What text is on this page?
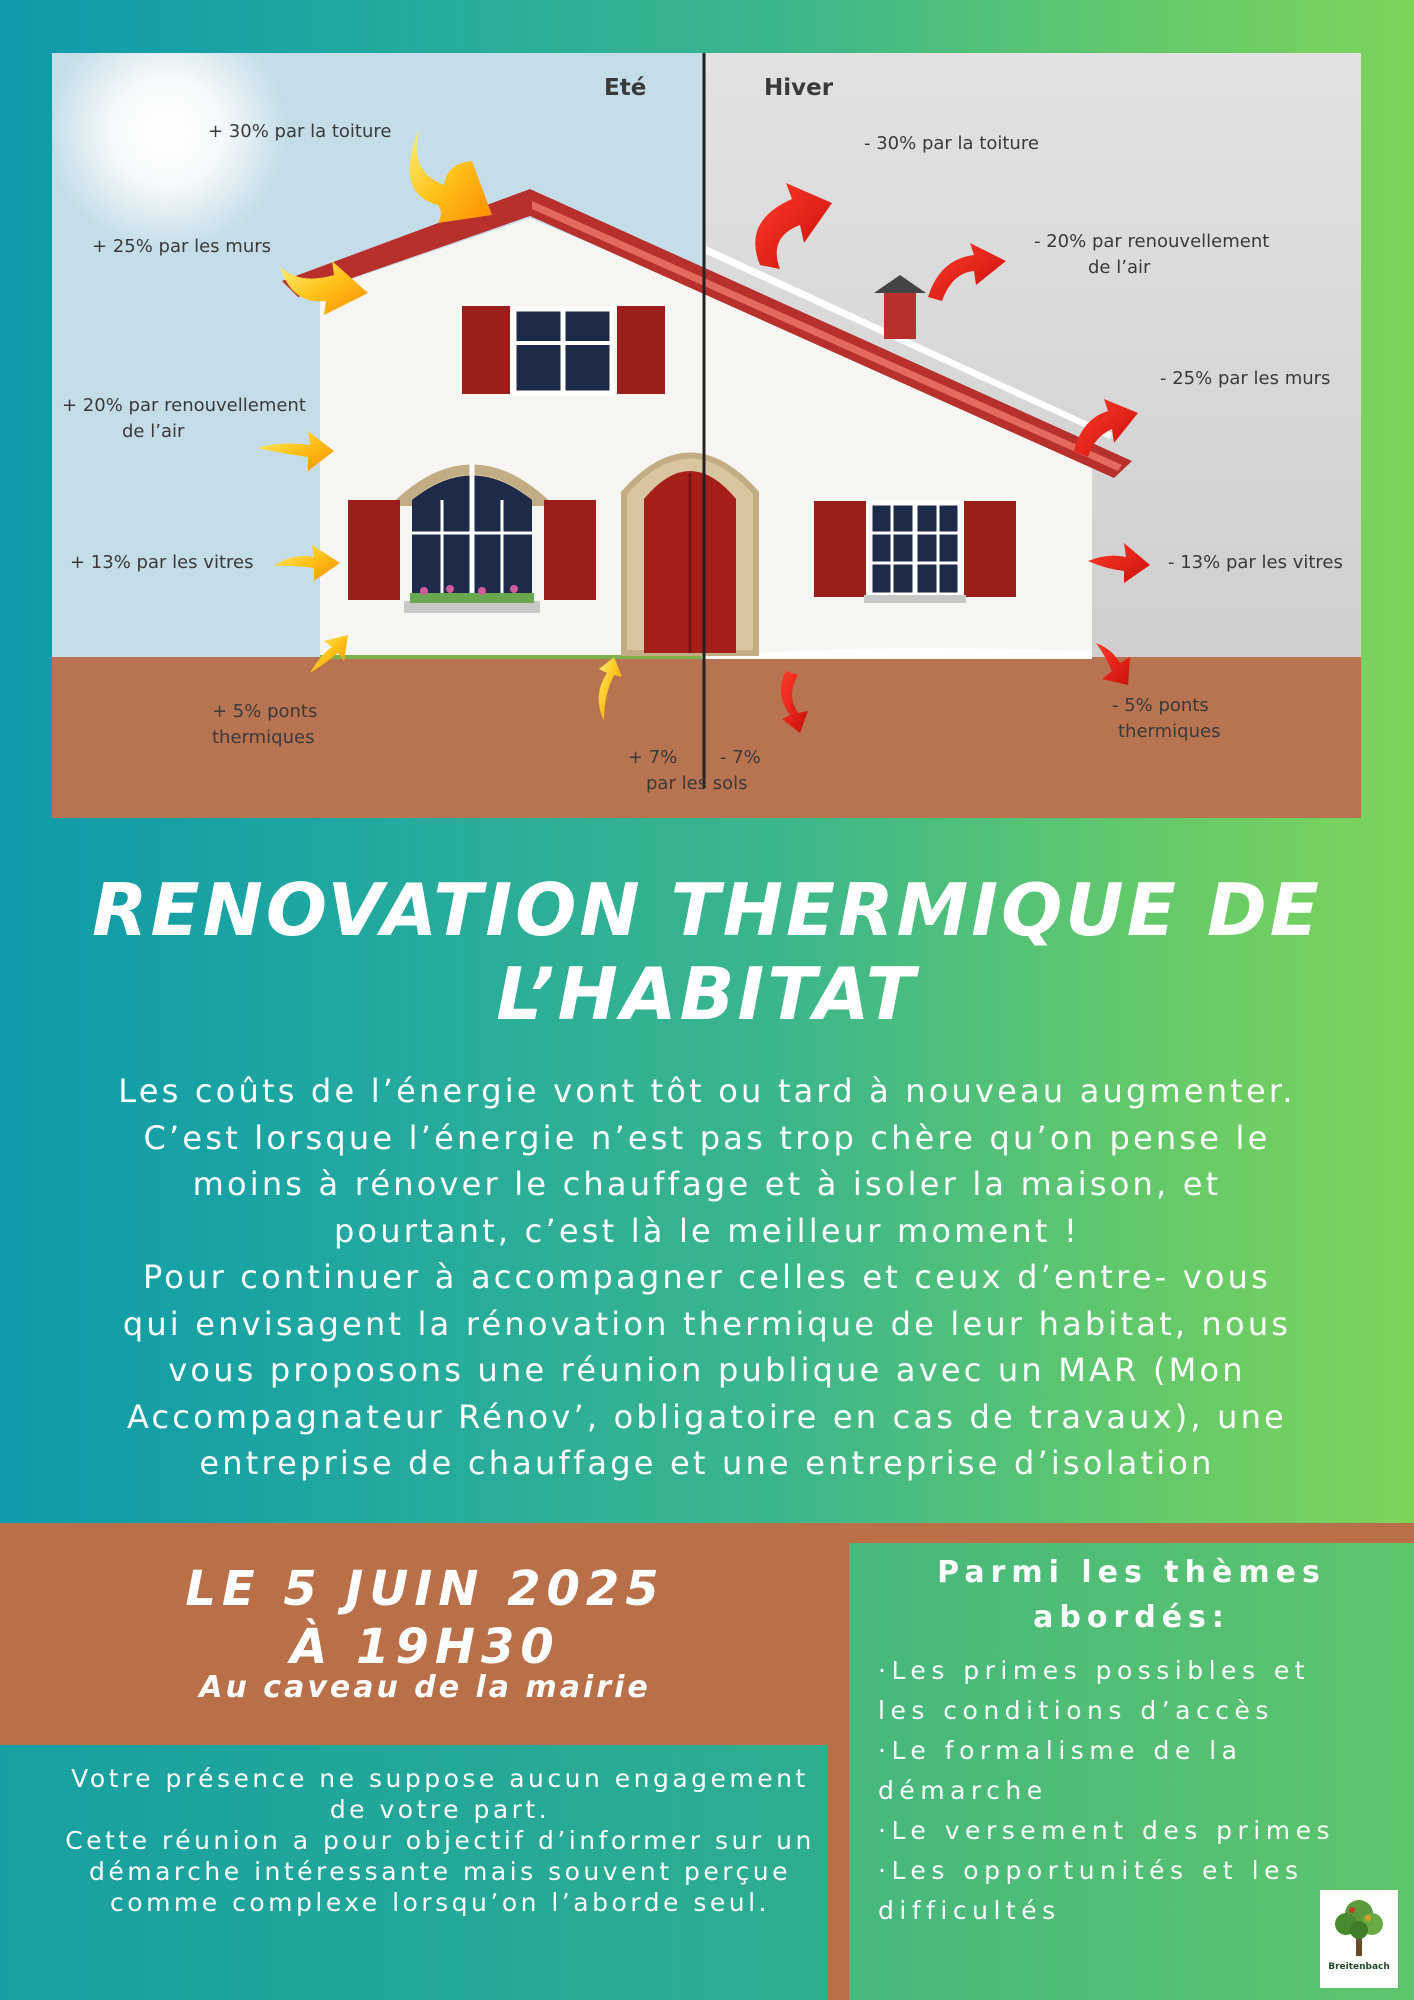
Eté	Hiver
+ 30% par la toiture
+ 25% par les murs
+ 20% par renouvellement
de l’air
+ 13% par les vitres
+ 5% ponts
thermiques
+ 7% - 7%
par les sols
- 30% par la toiture
- 20% par renouvellement
de l’air
- 25% par les murs
- 13% par les vitres
- 5% ponts
thermiques
RENOVATION THERMIQUE DE
L’HABITAT
Les coûts de l’énergie vont tôt ou tard à nouveau augmenter.
C’est lorsque l’énergie n’est pas trop chère qu’on pense le
moins à rénover le chauffage et à isoler la maison, et
pourtant, c’est là le meilleur moment !
Pour continuer à accompagner celles et ceux d’entre- vous
qui envisagent la rénovation thermique de leur habitat, nous
vous proposons une réunion publique avec un MAR (Mon
Accompagnateur Rénov’, obligatoire en cas de travaux), une
entreprise de chauffage et une entreprise d’isolation
LE 5 JUIN 2025
À 19H30
Au caveau de la mairie
Votre présence ne suppose aucun engagement
de votre part.
Cette réunion a pour objectif d’informer sur un
démarche intéressante mais souvent perçue
comme complexe lorsqu’on l’aborde seul.
Parmi les thèmes
abordés:
·Les primes possibles et
les conditions d’accès
·Le formalisme de la
démarche
·Le versement des primes
·Les opportunités et les
difficultés
Breitenbach
